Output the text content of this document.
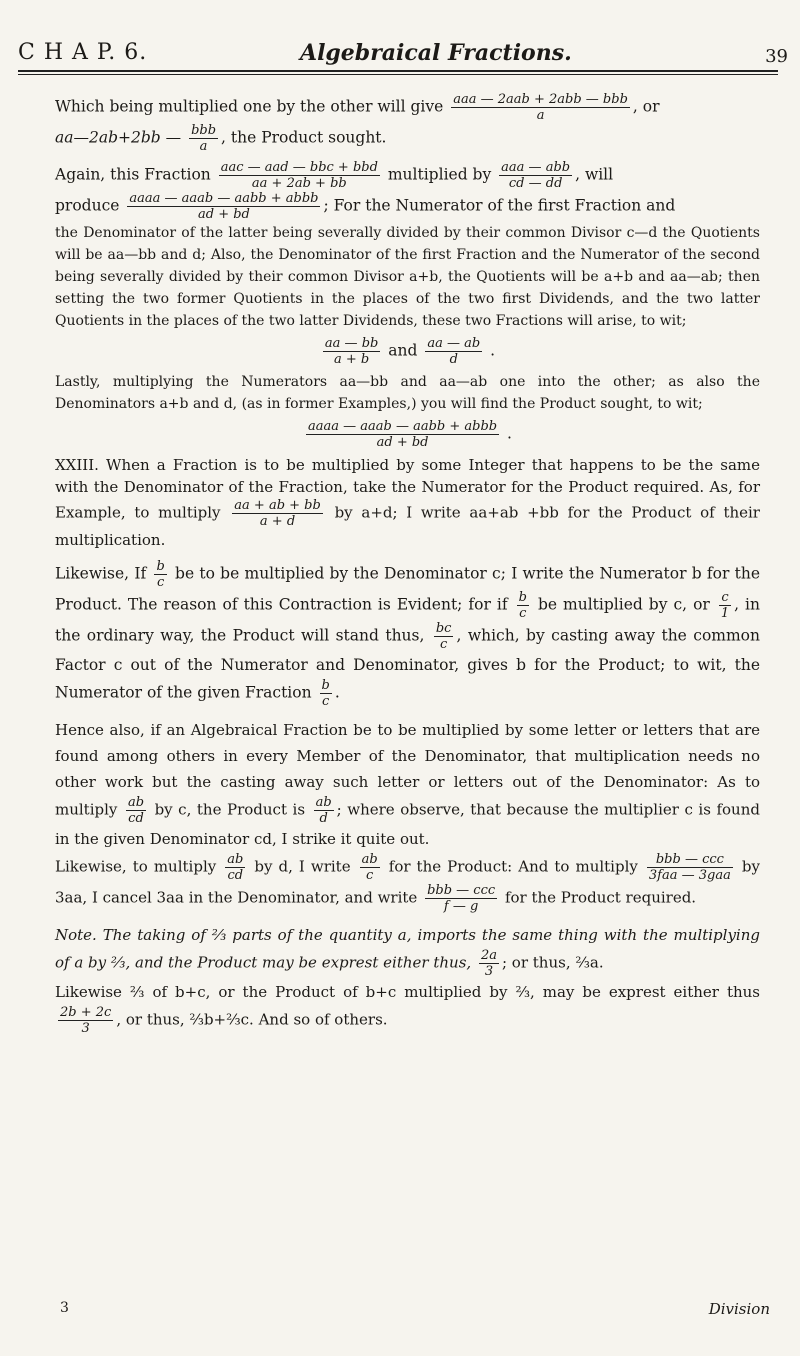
C H A P. 6.	Algebraical Fractions.	39

Which being multiplied one by the other will give $\frac{\text{aaa — 2aab + 2abb — bbb}}{a}$ , or

aa—2ab+2bb — $\frac{\text{bbb}}{a}$ , the Product sought.

Again, this Fraction $\frac{\text{aac — aad — bbc + bbd}}{aa + 2ab + bb}$ multiplied by $\frac{\text{aaa — abb}}{cd — dd}$ , will

produce $\frac{\text{aaaa — aaab — aabb + abbb}}{ad + bd}$ ; For the Numerator of the first Fraction and

the Denominator of the latter being severally divided by their common Divisor c—d the Quotients will be aa—bb and d; Also, the Denominator of the first Fraction and the Numerator of the second being severally divided by their common Divisor a+b, the Quotients will be a+b and aa—ab; then setting the two former Quotients in the places of the two first Dividends, and the two latter Quotients in the places of the two latter Dividends, these two Fractions will arise, to wit;

$\frac{aa — bb}{a + b}$ and $\frac{aa — ab}{d}$ .

Lastly, multiplying the Numerators aa—bb and aa—ab one into the other; as also the Denominators a+b and d, (as in former Examples,) you will find the Product sought, to wit;

$\frac{\text{aaaa — aaab — aabb + abbb}}{ad + bd}$ .

XXIII. When a Fraction is to be multiplied by some Integer that happens to be the same with the Denominator of the Fraction, take the Numerator for the Product required. As, for Example, to multiply $\frac{aa + ab + bb}{a + d}$ by a+d; I write aa+ab +bb for the Product of their multiplication.

Likewise, If $\frac{b}{c}$ be to be multiplied by the Denominator c; I write the Numerator b for the Product. The reason of this Contraction is Evident; for if $\frac{b}{c}$ be multiplied by c, or $\frac{c}{1}$ , in the ordinary way, the Product will stand thus, $\frac{bc}{c}$ , which, by casting away the common Factor c out of the Numerator and Denominator, gives b for the Product; to wit, the Numerator of the given Fraction $\frac{b}{c}$ .

Hence also, if an Algebraical Fraction be to be multiplied by some letter or letters that are found among others in every Member of the Denominator, that multiplication needs no other work but the casting away such letter or letters out of the Denominator: As to multiply $\frac{ab}{cd}$ by c, the Product is $\frac{ab}{d}$ ; where observe, that because the multiplier c is found in the given Denominator cd, I strike it quite out.

Likewise, to multiply $\frac{ab}{cd}$ by d, I write $\frac{ab}{c}$ for the Product: And to multiply $\frac{\text{bbb — ccc}}{\text{3faa — 3gaa}}$ by 3aa, I cancel 3aa in the Denominator, and write $\frac{\text{bbb — ccc}}{f — g}$ for the Product required.

Note. The taking of ⅔ parts of the quantity a, imports the same thing with the multiplying of a by ⅔, and the Product may be exprest either thus, $\frac{2a}{3}$ ; or thus, ⅔a.

Likewise ⅔ of b+c, or the Product of b+c multiplied by ⅔, may be exprest either thus
$\frac{2b + 2c}{3}$ , or thus, ⅔b+⅔c. And so of others.

3	Division
